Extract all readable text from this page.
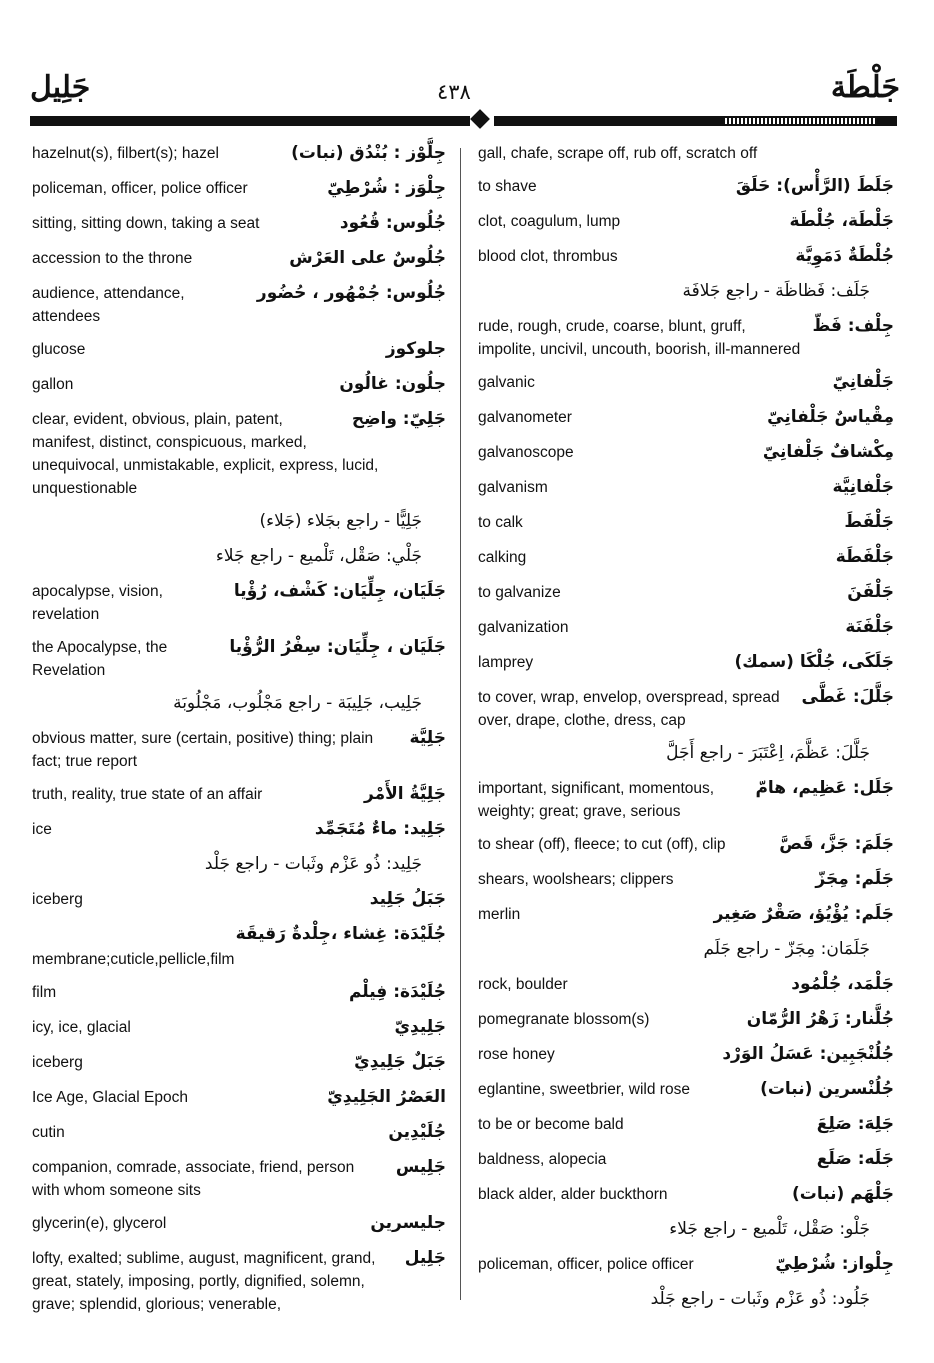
جَلِيل	٤٣٨	جَلْطَة
جِلَّوْز : بُنْدُق (نبات)
hazelnut(s), filbert(s); hazel
جِلْوَز : شُرْطِيّ
policeman, officer, police officer
جُلُوس: قُعُود
sitting, sitting down, taking a seat
جُلُوسٌ على العَرْش
accession to the throne
جُلُوس: جُمْهُور ، حُضُور
audience, attendance, attendees
جلوكوز
glucose
جلُون: غالُون
gallon
جَلِيّ: واضِح
clear, evident, obvious, plain, patent, manifest, distinct, conspicuous, marked, unequivocal, unmistakable, explicit, express, lucid, unquestionable
جَلِيًّا - راجع بجَلاء (جَلاء)
جَلْي: صَقْل، تَلْميع - راجع جَلاء
جَلَيَان، جِلِّيَان: كَشْف، رُؤْيا
apocalypse, vision, revelation
جَلَيَان ، جِلِّيَان: سِفْرُ الرُّؤْيا
the Apocalypse, the Revelation
جَلِيب، جَلِيبَة - راجع مَجْلُوب، مَجْلُوبَة
جَلِيَّة
obvious matter, sure (certain, positive) thing; plain fact; true report
جَلِيَّةُ الأَمْر
truth, reality, true state of an affair
جَلِيد: ماءٌ مُتَجَمِّد
ice
جَلِيد: ذُو عَزْم وثَبات - راجع جَلْد
جَبَلُ جَلِيد
iceberg
جُلَيْدَة: غِشاء ،جِلْدةٌ رَقيقَة
membrane;cuticle,pellicle,film
جُلَيْدَة: فِيلْم
film
جَلِيدِيّ
icy, ice, glacial
جَبَلٌ جَلِيدِيّ
iceberg
العَصْرُ الجَلِيدِيّ
Ice Age, Glacial Epoch
جُلَيْدِين
cutin
جَلِيس
companion, comrade, associate, friend, person with whom someone sits
جليسرين
glycerin(e), glycerol
جَلِيل
lofty, exalted; sublime, august, magnificent, grand, great, stately, imposing, portly, dignified, solemn, grave; splendid, glorious; venerable,
gall, chafe, scrape off, rub off, scratch off
جَلَطَ (الرَّأْس): حَلَقَ
to shave
جَلْطَة، جُلْطَة
clot, coagulum, lump
جُلْطَةٌ دَمَوِيَّة
blood clot, thrombus
جَلَف: فَظاظَة - راجع جَلافَة
جِلْف: فَظّ
rude, rough, crude, coarse, blunt, gruff, impolite, uncivil, uncouth, boorish, ill-mannered
جَلْفانِيّ
galvanic
مِقْياسٌ جَلْفانِيّ
galvanometer
مِكْشافٌ جَلْفانِيّ
galvanoscope
جَلْفانِيَّة
galvanism
جَلْفَطَ
to calk
جَلْفَطَة
calking
جَلْفَنَ
to galvanize
جَلْفَنَة
galvanization
جَلَكَى، جُلْكَا (سمك)
lamprey
جَلَّلَ: غَطَّى
to cover, wrap, envelop, overspread, spread over, drape, clothe, dress, cap
جَلَّلَ: عَظَّمَ، اِعْتَبَرَ - راجع أَجَلَّ
جَلَل: عَظِيم، هامّ
important, significant, momentous, weighty; great; grave, serious
جَلَمَ: جَزَّ، قَصَّ
to shear (off), fleece; to cut (off), clip
جَلَم: مِجَزّ
shears, woolshears; clippers
جَلَم: يُؤْيُؤ، صَقْرٌ صَغِير
merlin
جَلَمَان: مِجَزّ - راجع جَلَم
جَلْمَد، جُلْمُود
rock, boulder
جُلَّنار: زَهْرُ الرُّمّان
pomegranate blossom(s)
جُلُنْجَبِين: عَسَلُ الوَرْد
rose honey
جُلُنْسرين (نبات)
eglantine, sweetbrier, wild rose
جَلِهَ: صَلِعَ
to be or become bald
جَلَه: صَلَع
baldness, alopecia
جَلْهَم (نبات)
black alder, alder buckthorn
جَلْو: صَقْل، تَلْميع - راجع جَلاء
جِلْواز: شُرْطِيّ
policeman, officer, police officer
جَلُود: ذُو عَزْم وثَبات - راجع جَلْد
